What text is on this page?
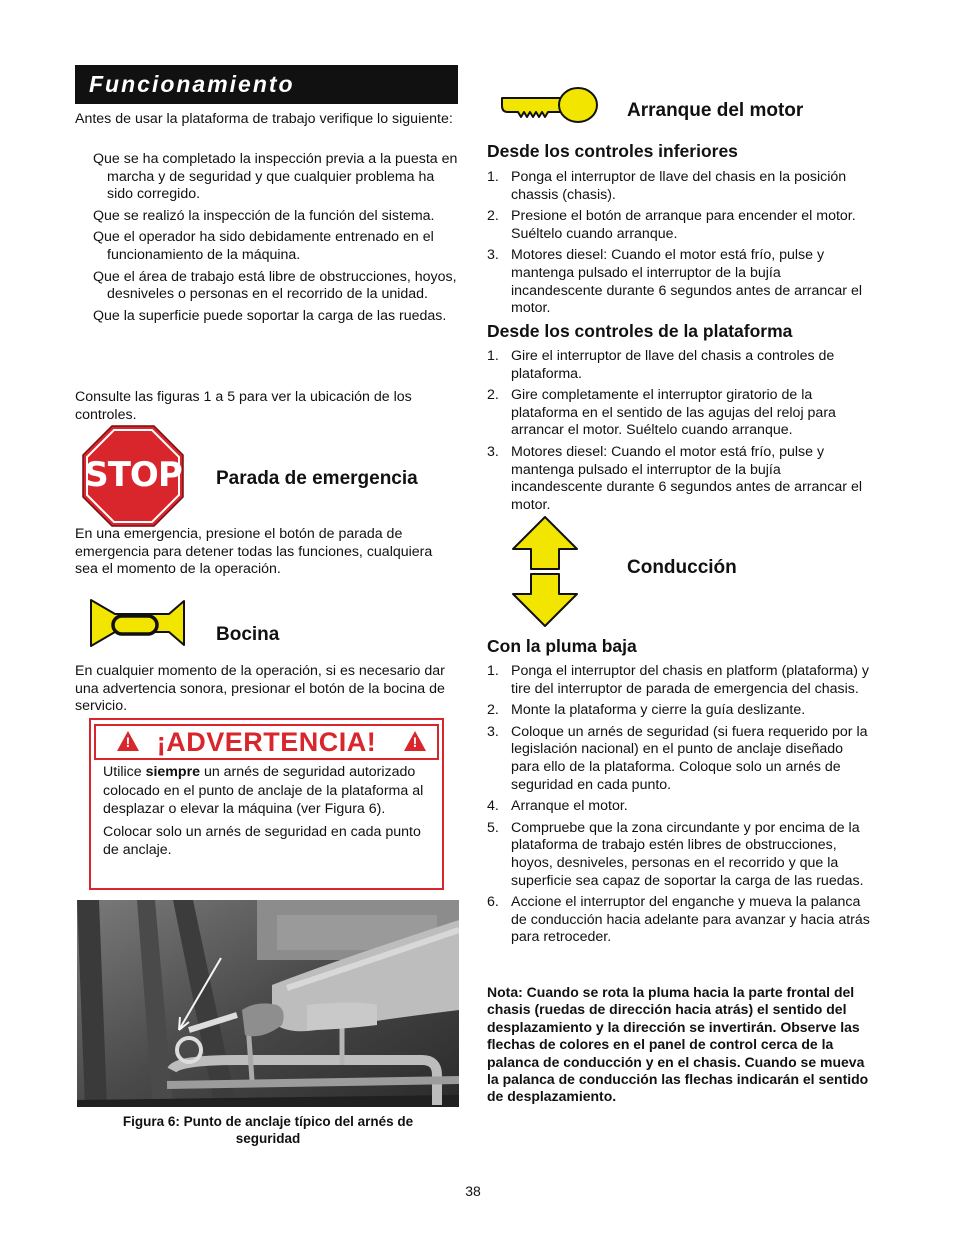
Funcionamiento
Antes de usar la plataforma de trabajo verifique lo siguiente:

Que se ha completado la inspección previa a la puesta en marcha y de seguridad y que cualquier problema ha sido corregido.

Que se realizó la inspección de la función del sistema.

Que el operador ha sido debidamente entrenado en el funcionamiento de la máquina.

Que el área de trabajo está libre de obstrucciones, hoyos, desniveles o personas en el recorrido de la unidad.

Que la superficie puede soportar la carga de las ruedas.

Consulte las figuras 1 a 5 para ver la ubicación de los controles.
STOP Parada de emergencia
En una emergencia, presione el botón de parada de emergencia para detener todas las funciones, cualquiera sea el momento de la operación.
Bocina
En cualquier momento de la operación, si es necesario dar una advertencia sonora, presionar el botón de la bocina de servicio.
! ¡ADVERTENCIA!	!

Utilice siempre un arnés de seguridad autorizado colocado en el punto de anclaje de la plataforma al desplazar o elevar la máquina (ver Figura 6).

Colocar solo un arnés de seguridad en cada punto de anclaje.

Figura 6: Punto de anclaje típico del arnés de seguridad
Arranque del motor
Desde los controles inferiores
1. Ponga el interruptor de llave del chasis en la posición chassis (chasis).
2. Presione el botón de arranque para encender el motor. Suéltelo cuando arranque.
3. Motores diesel: Cuando el motor está frío, pulse y mantenga pulsado el interruptor de la bujía incandescente durante 6 segundos antes de arrancar el motor.
Desde los controles de la plataforma
1. Gire el interruptor de llave del chasis a controles de plataforma.
2. Gire completamente el interruptor giratorio de la plataforma en el sentido de las agujas del reloj para arrancar el motor. Suéltelo cuando arranque.
3. Motores diesel: Cuando el motor está frío, pulse y mantenga pulsado el interruptor de la bujía incandescente durante 6 segundos antes de arrancar el motor.
Conducción
Con la pluma baja
1. Ponga el interruptor del chasis en platform (plataforma) y tire del interruptor de parada de emergencia del chasis.
2. Monte la plataforma y cierre la guía deslizante.
3. Coloque un arnés de seguridad (si fuera requerido por la legislación nacional) en el punto de anclaje diseñado para ello de la plataforma. Coloque solo un arnés de seguridad en cada punto.
4. Arranque el motor.
5. Compruebe que la zona circundante y por encima de la plataforma de trabajo estén libres de obstrucciones, hoyos, desniveles, personas en el recorrido y que la superficie sea capaz de soportar la carga de las ruedas.
6. Accione el interruptor del enganche y mueva la palanca de conducción hacia adelante para avanzar y hacia atrás para retroceder.
Nota: Cuando se rota la pluma hacia la parte frontal del chasis (ruedas de dirección hacia atrás) el sentido del desplazamiento y la dirección se invertirán. Observe las flechas de colores en el panel de control cerca de la palanca de conducción y en el chasis. Cuando se mueva la palanca de conducción las flechas indicarán el sentido de desplazamiento.
38
